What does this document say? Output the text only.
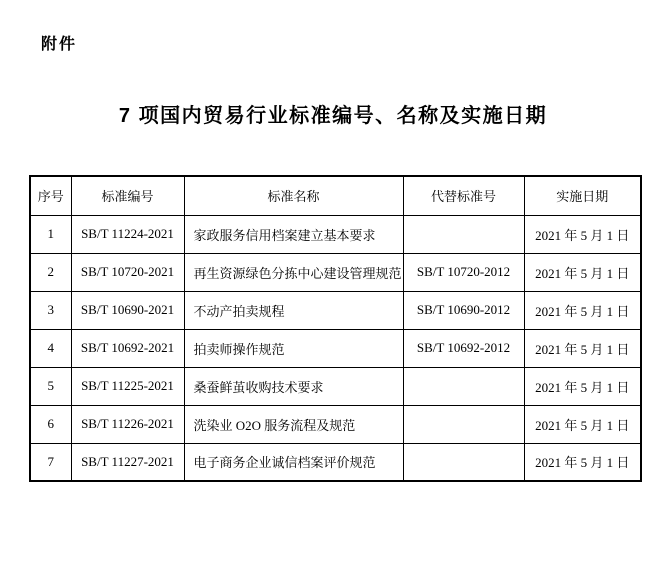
附件
7 项国内贸易行业标准编号、名称及实施日期
序号	标准编号	标准名称	代替标准号	实施日期
1	SB/T 11224-2021	家政服务信用档案建立基本要求		2021 年 5 月 1 日
2	SB/T 10720-2021	再生资源绿色分拣中心建设管理规范	SB/T 10720-2012	2021 年 5 月 1 日
3	SB/T 10690-2021	不动产拍卖规程	SB/T 10690-2012	2021 年 5 月 1 日
4	SB/T 10692-2021	拍卖师操作规范	SB/T 10692-2012	2021 年 5 月 1 日
5	SB/T 11225-2021	桑蚕鲜茧收购技术要求		2021 年 5 月 1 日
6	SB/T 11226-2021	洗染业 O2O 服务流程及规范		2021 年 5 月 1 日
7	SB/T 11227-2021	电子商务企业诚信档案评价规范		2021 年 5 月 1 日
